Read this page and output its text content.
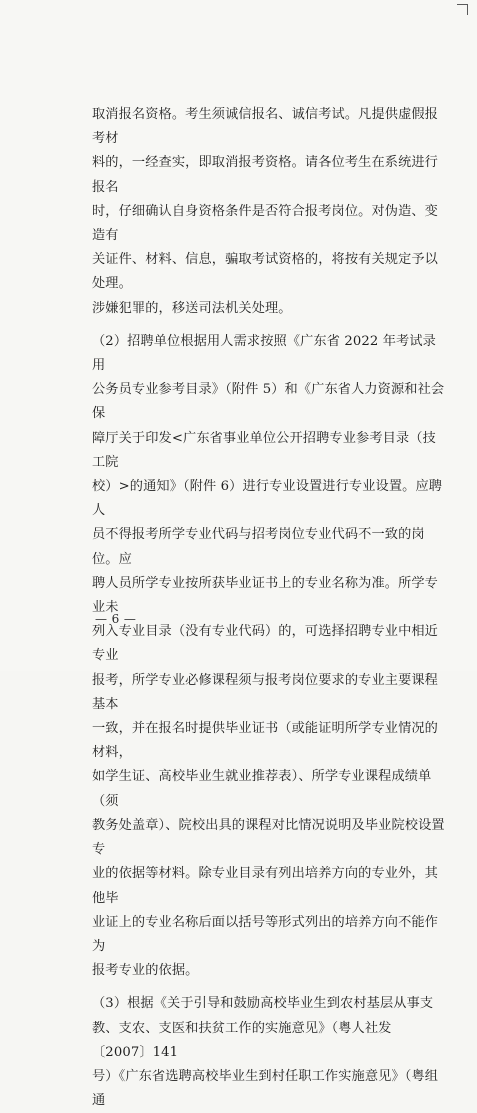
取消报名资格。考生须诚信报名、诚信考试。凡提供虚假报考材
料的，一经查实，即取消报考资格。请各位考生在系统进行报名
时，仔细确认自身资格条件是否符合报考岗位。对伪造、变造有
关证件、材料、信息，骗取考试资格的，将按有关规定予以处理。
涉嫌犯罪的，移送司法机关处理。

（2）招聘单位根据用人需求按照《广东省 2022 年考试录用
公务员专业参考目录》（附件 5）和《广东省人力资源和社会保
障厅关于印发<广东省事业单位公开招聘专业参考目录（技工院
校）>的通知》（附件 6）进行专业设置进行专业设置。应聘人
员不得报考所学专业代码与招考岗位专业代码不一致的岗位。应
聘人员所学专业按所获毕业证书上的专业名称为准。所学专业未
列入专业目录（没有专业代码）的，可选择招聘专业中相近专业
报考，所学专业必修课程须与报考岗位要求的专业主要课程基本
一致，并在报名时提供毕业证书（或能证明所学专业情况的材料，
如学生证、高校毕业生就业推荐表）、所学专业课程成绩单（须
教务处盖章）、院校出具的课程对比情况说明及毕业院校设置专
业的依据等材料。除专业目录有列出培养方向的专业外，其他毕
业证上的专业名称后面以括号等形式列出的培养方向不能作为
报考专业的依据。

（3）根据《关于引导和鼓励高校毕业生到农村基层从事支
教、支农、支医和扶贫工作的实施意见》（粤人社发〔2007〕141
号）《广东省选聘高校毕业生到村任职工作实施意见》（粤组通

— 6 —
